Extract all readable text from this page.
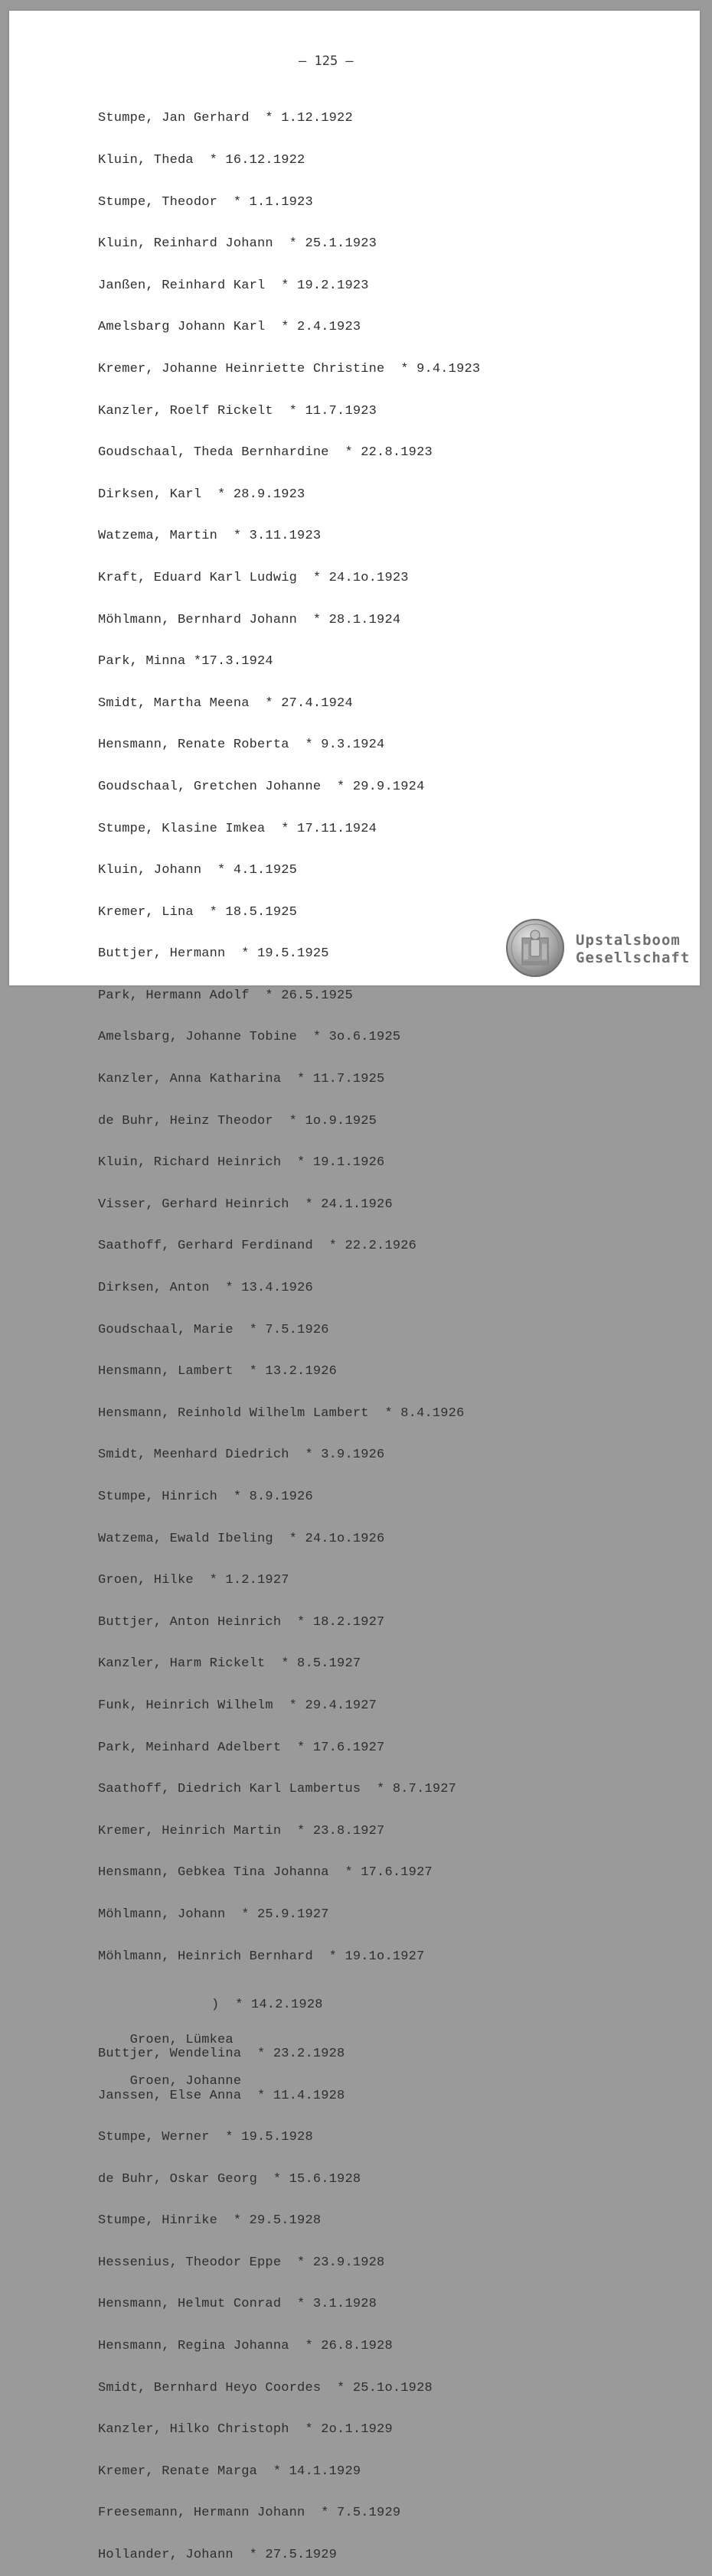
– 125 –

Stumpe, Jan Gerhard  * 1.12.1922

Kluin, Theda  * 16.12.1922

Stumpe, Theodor  * 1.1.1923

Kluin, Reinhard Johann  * 25.1.1923

Janßen, Reinhard Karl  * 19.2.1923

Amelsbarg Johann Karl  * 2.4.1923

Kremer, Johanne Heinriette Christine  * 9.4.1923

Kanzler, Roelf Rickelt  * 11.7.1923

Goudschaal, Theda Bernhardine  * 22.8.1923

Dirksen, Karl  * 28.9.1923

Watzema, Martin  * 3.11.1923

Kraft, Eduard Karl Ludwig  * 24.1o.1923

Möhlmann, Bernhard Johann  * 28.1.1924

Park, Minna *17.3.1924

Smidt, Martha Meena  * 27.4.1924

Hensmann, Renate Roberta  * 9.3.1924

Goudschaal, Gretchen Johanne  * 29.9.1924

Stumpe, Klasine Imkea  * 17.11.1924

Kluin, Johann  * 4.1.1925

Kremer, Lina  * 18.5.1925

Buttjer, Hermann  * 19.5.1925

Park, Hermann Adolf  * 26.5.1925

Amelsbarg, Johanne Tobine  * 3o.6.1925

Kanzler, Anna Katharina  * 11.7.1925

de Buhr, Heinz Theodor  * 1o.9.1925

Kluin, Richard Heinrich  * 19.1.1926

Visser, Gerhard Heinrich  * 24.1.1926

Saathoff, Gerhard Ferdinand  * 22.2.1926

Dirksen, Anton  * 13.4.1926

Goudschaal, Marie  * 7.5.1926

Hensmann, Lambert  * 13.2.1926

Hensmann, Reinhold Wilhelm Lambert  * 8.4.1926

Smidt, Meenhard Diedrich  * 3.9.1926

Stumpe, Hinrich  * 8.9.1926

Watzema, Ewald Ibeling  * 24.1o.1926

Groen, Hilke  * 1.2.1927

Buttjer, Anton Heinrich  * 18.2.1927

Kanzler, Harm Rickelt  * 8.5.1927

Funk, Heinrich Wilhelm  * 29.4.1927

Park, Meinhard Adelbert  * 17.6.1927

Saathoff, Diedrich Karl Lambertus  * 8.7.1927

Kremer, Heinrich Martin  * 23.8.1927

Hensmann, Gebkea Tina Johanna  * 17.6.1927

Möhlmann, Johann  * 25.9.1927

Möhlmann, Heinrich Bernhard  * 19.1o.1927

Groen, Lümkea

Groen, Johanne

)  * 14.2.1928

Buttjer, Wendelina  * 23.2.1928

Janssen, Else Anna  * 11.4.1928

Stumpe, Werner  * 19.5.1928

de Buhr, Oskar Georg  * 15.6.1928

Stumpe, Hinrike  * 29.5.1928

Hessenius, Theodor Eppe  * 23.9.1928

Hensmann, Helmut Conrad  * 3.1.1928

Hensmann, Regina Johanna  * 26.8.1928

Smidt, Bernhard Heyo Coordes  * 25.1o.1928

Kanzler, Hilko Christoph  * 2o.1.1929

Kremer, Renate Marga  * 14.1.1929

Freesemann, Hermann Johann  * 7.5.1929

Hollander, Johann  * 27.5.1929

Upstalsboom
Gesellschaft
